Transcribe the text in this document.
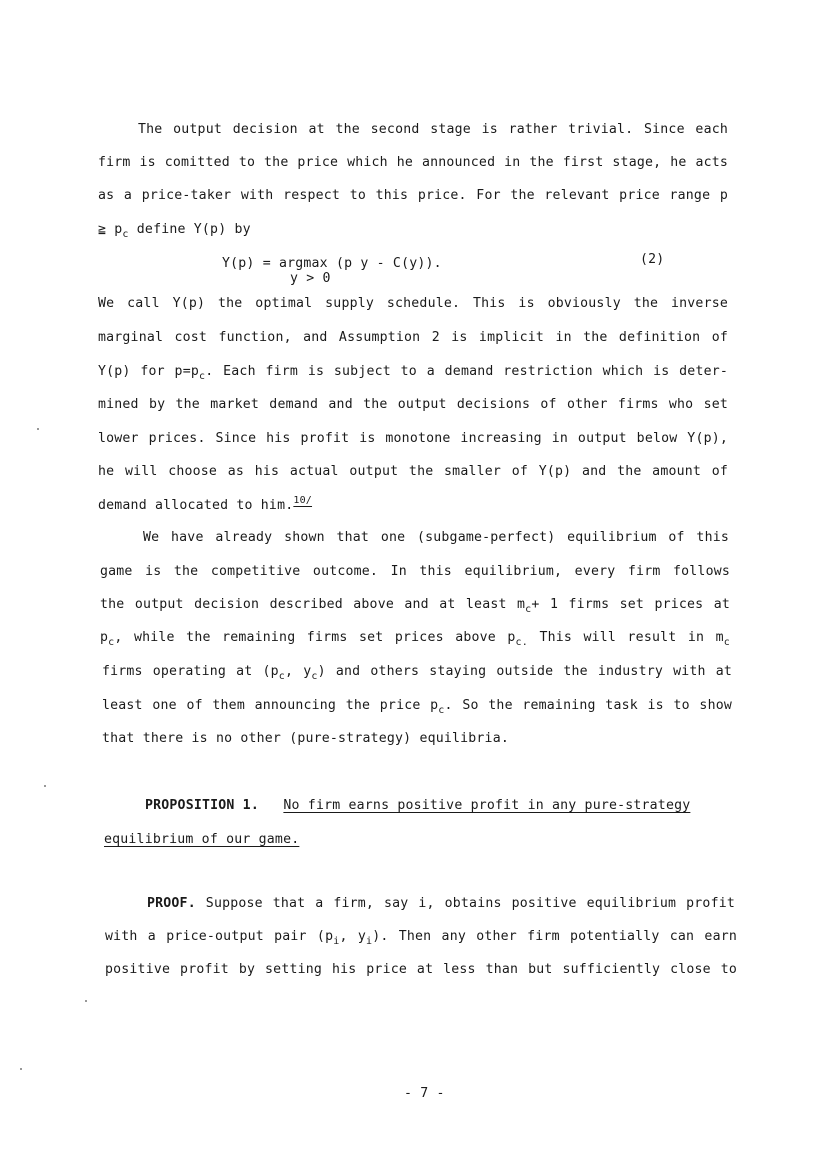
The output decision at the second stage is rather trivial. Since each
firm is comitted to the price which he announced in the first stage, he acts
as a price-taker with respect to this price. For the relevant price range p
≧ $p_c$ define Y(p) by
Y(p) = argmax (p y - C(y)).
y > 0
(2)
We call Y(p) the optimal supply schedule. This is obviously the inverse
marginal cost function, and Assumption 2 is implicit in the definition of
Y(p) for $p=p_c$. Each firm is subject to a demand restriction which is deter-
mined by the market demand and the output decisions of other firms who set
lower prices. Since his profit is monotone increasing in output below Y(p),
he will choose as his actual output the smaller of Y(p) and the amount of
demand allocated to him.$^{10/}$
We have already shown that one (subgame-perfect) equilibrium of this
game is the competitive outcome. In this equilibrium, every firm follows
the output decision described above and at least $m_c+ 1$ firms set prices at
$p_c$, while the remaining firms set prices above $p_{c.}$ This will result in $m_c$
firms operating at ($p_c$, $y_c$) and others staying outside the industry with at
least one of them announcing the price $p_c$. So the remaining task is to show
that there is no other (pure-strategy) equilibria.
PROPOSITION 1. No firm earns positive profit in any pure-strategy
equilibrium of our game.
PROOF. Suppose that a firm, say i, obtains positive equilibrium profit
with a price-output pair ($p_i$, $y_i$). Then any other firm potentially can earn
positive profit by setting his price at less than but sufficiently close to
- 7 -
